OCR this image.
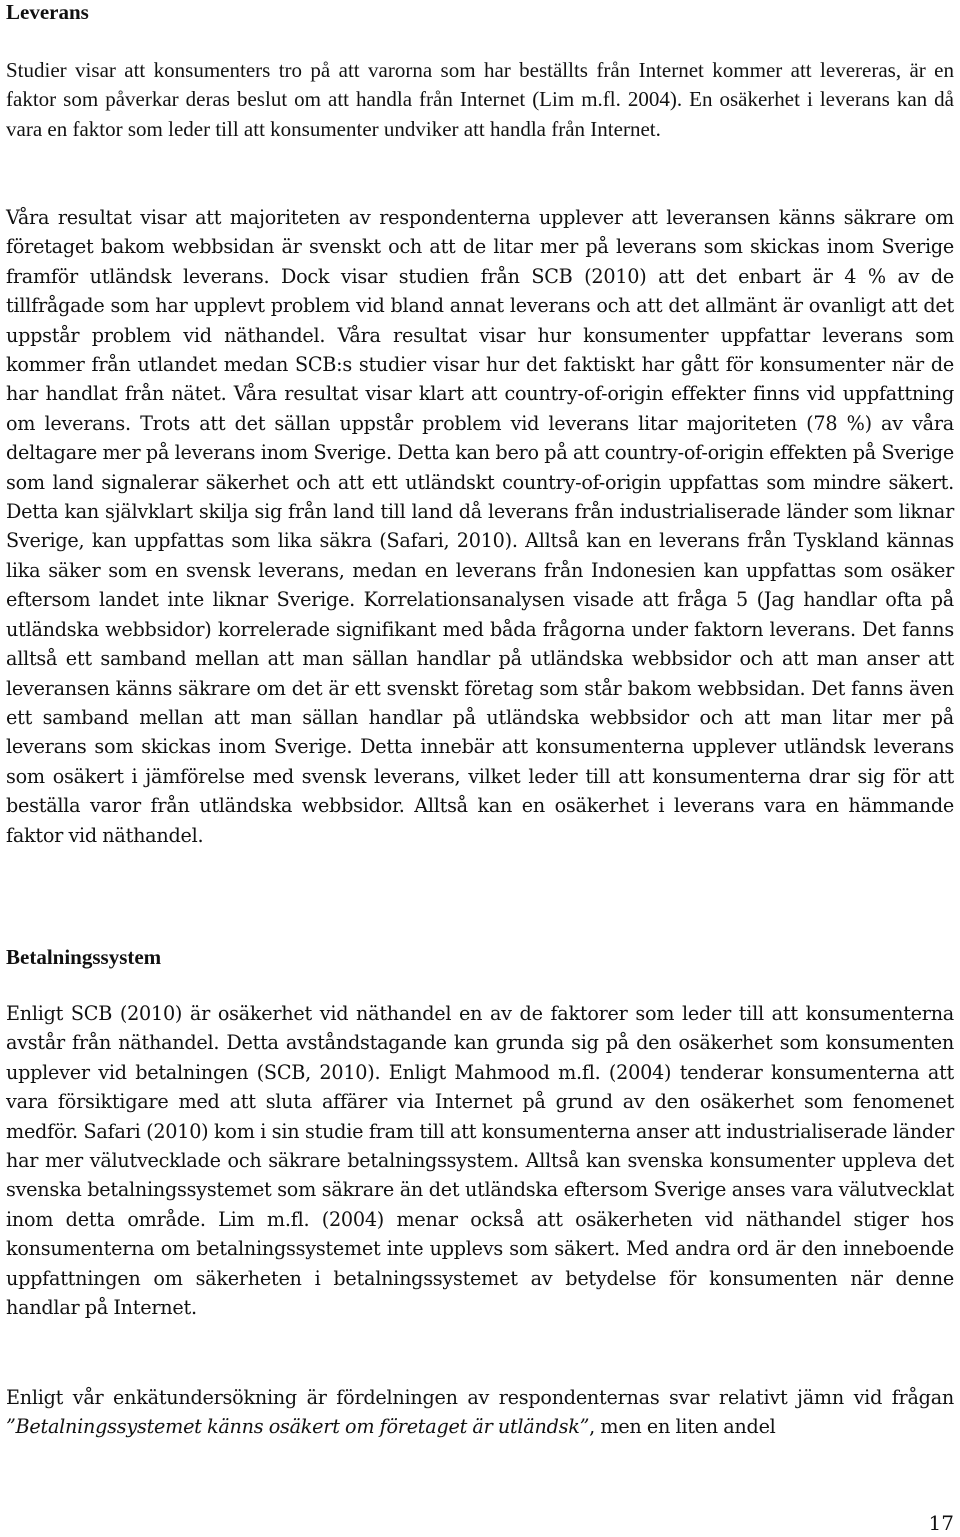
Leverans

Studier visar att konsumenters tro på att varorna som har beställts från Internet kommer att levereras, är en faktor som påverkar deras beslut om att handla från Internet (Lim m.fl. 2004). En osäkerhet i leverans kan då vara en faktor som leder till att konsumenter undviker att handla från Internet.

Våra resultat visar att majoriteten av respondenterna upplever att leveransen känns säkrare om företaget bakom webbsidan är svenskt och att de litar mer på leverans som skickas inom Sverige framför utländsk leverans. Dock visar studien från SCB (2010) att det enbart är 4 % av de tillfrågade som har upplevt problem vid bland annat leverans och att det allmänt är ovanligt att det uppstår problem vid näthandel. Våra resultat visar hur konsumenter uppfattar leverans som kommer från utlandet medan SCB:s studier visar hur det faktiskt har gått för konsumenter när de har handlat från nätet. Våra resultat visar klart att country-of-origin effekter finns vid uppfattning om leverans. Trots att det sällan uppstår problem vid leverans litar majoriteten (78 %) av våra deltagare mer på leverans inom Sverige. Detta kan bero på att country-of-origin effekten på Sverige som land signalerar säkerhet och att ett utländskt country-of-origin uppfattas som mindre säkert. Detta kan självklart skilja sig från land till land då leverans från industrialiserade länder som liknar Sverige, kan uppfattas som lika säkra (Safari, 2010). Alltså kan en leverans från Tyskland kännas lika säker som en svensk leverans, medan en leverans från Indonesien kan uppfattas som osäker eftersom landet inte liknar Sverige. Korrelationsanalysen visade att fråga 5 (Jag handlar ofta på utländska webbsidor) korrelerade signifikant med båda frågorna under faktorn leverans. Det fanns alltså ett samband mellan att man sällan handlar på utländska webbsidor och att man anser att leveransen känns säkrare om det är ett svenskt företag som står bakom webbsidan. Det fanns även ett samband mellan att man sällan handlar på utländska webbsidor och att man litar mer på leverans som skickas inom Sverige. Detta innebär att konsumenterna upplever utländsk leverans som osäkert i jämförelse med svensk leverans, vilket leder till att konsumenterna drar sig för att beställa varor från utländska webbsidor. Alltså kan en osäkerhet i leverans vara en hämmande faktor vid näthandel.

Betalningssystem

Enligt SCB (2010) är osäkerhet vid näthandel en av de faktorer som leder till att konsumenterna avstår från näthandel. Detta avståndstagande kan grunda sig på den osäkerhet som konsumenten upplever vid betalningen (SCB, 2010). Enligt Mahmood m.fl. (2004) tenderar konsumenterna att vara försiktigare med att sluta affärer via Internet på grund av den osäkerhet som fenomenet medför. Safari (2010) kom i sin studie fram till att konsumenterna anser att industrialiserade länder har mer välutvecklade och säkrare betalningssystem. Alltså kan svenska konsumenter uppleva det svenska betalningssystemet som säkrare än det utländska eftersom Sverige anses vara välutvecklat inom detta område. Lim m.fl. (2004) menar också att osäkerheten vid näthandel stiger hos konsumenterna om betalningssystemet inte upplevs som säkert. Med andra ord är den inneboende uppfattningen om säkerheten i betalningssystemet av betydelse för konsumenten när denne handlar på Internet.

Enligt vår enkätundersökning är fördelningen av respondenternas svar relativt jämn vid frågan ”Betalningssystemet känns osäkert om företaget är utländsk”, men en liten andel

17
